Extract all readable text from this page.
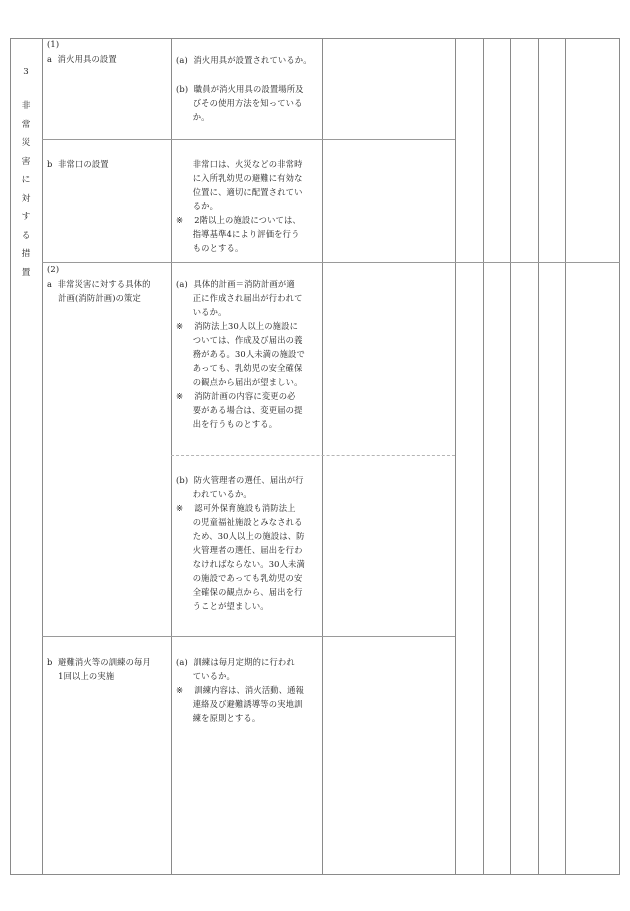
3
非
常
災
害
に
対
す
る
措
置
(1)
a  消火用具の設置
b  非常口の設置
(2)
a  非常災害に対する具体的
計画(消防計画)の策定
b  避難消火等の訓練の毎月
1回以上の実施
(a)  消火用具が設置されているか。
(b)  職員が消火用具の設置場所及
びその使用方法を知っている
か。
非常口は、火災などの非常時
に入所乳幼児の避難に有効な
位置に、適切に配置されてい
るか。
※    2階以上の施設については、
指導基準4により評価を行う
ものとする。
(a)  具体的計画＝消防計画が適
正に作成され届出が行われて
いるか。
※    消防法上30人以上の施設に
ついては、作成及び届出の義
務がある。30人未満の施設で
あっても、乳幼児の安全確保
の観点から届出が望ましい。
※    消防計画の内容に変更の必
要がある場合は、変更届の提
出を行うものとする。
(b)  防火管理者の選任、届出が行
われているか。
※    認可外保育施設も消防法上
の児童福祉施設とみなされる
ため、30人以上の施設は、防
火管理者の選任、届出を行わ
なければならない。30人未満
の施設であっても乳幼児の安
全確保の観点から、届出を行
うことが望ましい。
(a)  訓練は毎月定期的に行われ
ているか。
※    訓練内容は、消火活動、通報
連絡及び避難誘導等の実地訓
練を原則とする。
